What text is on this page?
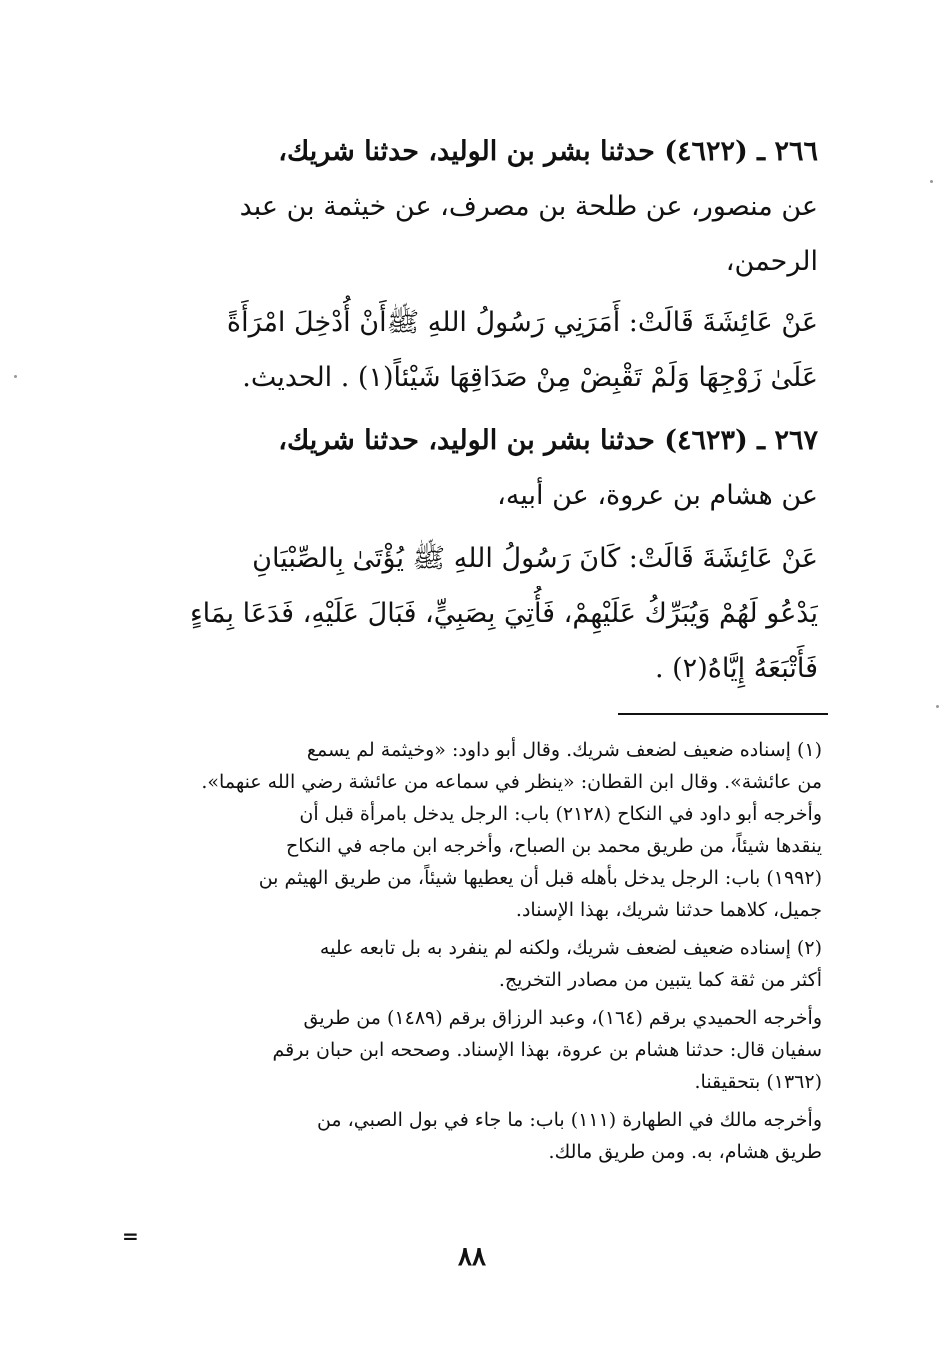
٢٦٦ ـ (٤٦٢٢) حدثنا بشر بن الوليد، حدثنا شريك،
عن منصور، عن طلحة بن مصرف، عن خيثمة بن عبد
الرحمن،
عَنْ عَائِشَةَ قَالَتْ: أَمَرَنِي رَسُولُ اللهِ ﷺأَنْ أُدْخِلَ امْرَأَةً
عَلَىٰ زَوْجِهَا وَلَمْ تَقْبِضْ مِنْ صَدَاقِهَا شَيْئاً(١) . الحديث.
٢٦٧ ـ (٤٦٢٣) حدثنا بشر بن الوليد، حدثنا شريك،
عن هشام بن عروة، عن أبيه،
عَنْ عَائِشَةَ قَالَتْ: كَانَ رَسُولُ اللهِ ﷺ يُؤْتَىٰ بِالصِّبْيَانِ
يَدْعُو لَهُمْ وَيُبَرِّكُ عَلَيْهِمْ، فَأُتِيَ بِصَبِيٍّ، فَبَالَ عَلَيْهِ، فَدَعَا بِمَاءٍ
فَأَتْبَعَهُ إِيَّاهُ(٢) .
(١) إسناده ضعيف لضعف شريك. وقال أبو داود: «وخيثمة لم يسمع
من عائشة». وقال ابن القطان: «ينظر في سماعه من عائشة رضي الله عنهما».
وأخرجه أبو داود في النكاح (٢١٢٨) باب: الرجل يدخل بامرأة قبل أن
ينقدها شيئاً، من طريق محمد بن الصباح، وأخرجه ابن ماجه في النكاح
(١٩٩٢) باب: الرجل يدخل بأهله قبل أن يعطيها شيئاً، من طريق الهيثم بن
جميل، كلاهما حدثنا شريك، بهذا الإسناد.
(٢) إسناده ضعيف لضعف شريك، ولكنه لم ينفرد به بل تابعه عليه
أكثر من ثقة كما يتبين من مصادر التخريج.
وأخرجه الحميدي برقم (١٦٤)، وعبد الرزاق برقم (١٤٨٩) من طريق
سفيان قال: حدثنا هشام بن عروة، بهذا الإسناد. وصححه ابن حبان برقم
(١٣٦٢) بتحقيقنا.
وأخرجه مالك في الطهارة (١١١) باب: ما جاء في بول الصبي، من
طريق هشام، به. ومن طريق مالك.
=
٨٨
